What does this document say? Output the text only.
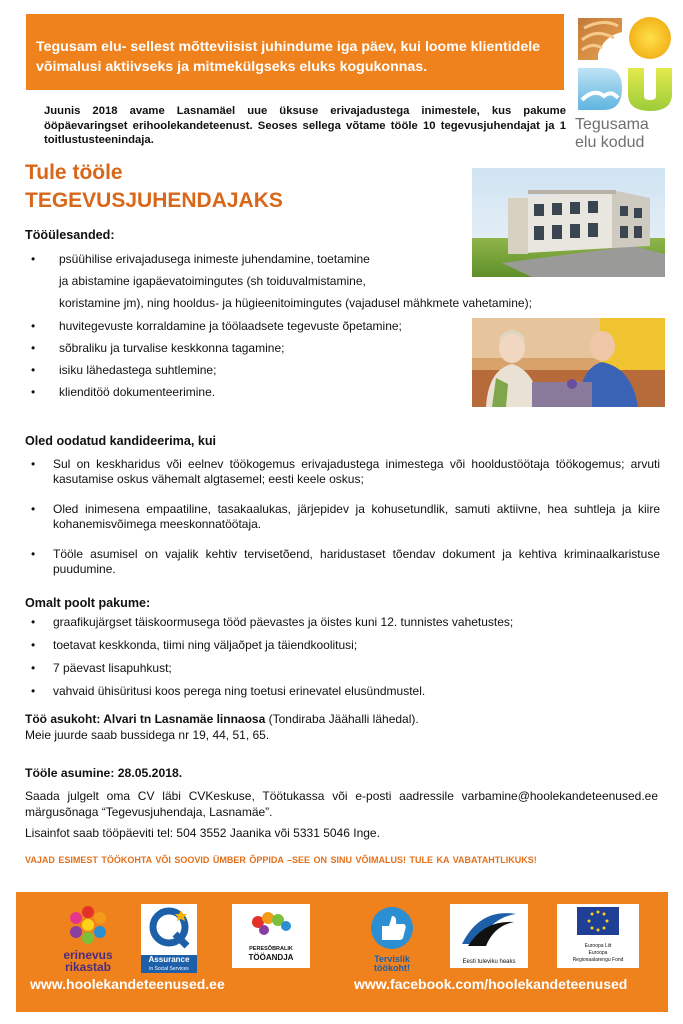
Tegusam elu- sellest mõtteviisist juhindume iga päev, kui loome klientidele võimalusi aktiivseks ja mitmekülgseks eluks kogukonnas.

Tegusama
elu kodud
Juunis 2018 avame Lasnamäel uue üksuse erivajadustega inimestele, kus pakume ööpäevaringset erihoolekandeteenust. Seoses sellega võtame tööle 10 tegevusjuhendajat ja 1 toitlustusteenindaja.
Tule tööle
TEGEVUSJUHENDAJAKS
Tööülesanded:
• psüühilise erivajadusega inimeste juhendamine, toetamine
ja abistamine igapäevatoimingutes (sh toiduvalmistamine,
koristamine jm), ning hooldus- ja hügieenitoimingutes (vajadusel mähkmete vahetamine);
• huvitegevuste korraldamine ja töölaadsete tegevuste õpetamine;
• sõbraliku ja turvalise keskkonna tagamine;
• isiku lähedastega suhtlemine;
• klienditöö dokumenteerimine.
Oled oodatud kandideerima, kui
• Sul on keskharidus või eelnev töökogemus erivajadustega inimestega või hooldustöötaja töökogemus; arvuti kasutamise oskus vähemalt algtasemel; eesti keele oskus;
• Oled inimesena empaatiline, tasakaalukas, järjepidev ja kohusetundlik, samuti aktiivne, hea suhtleja ja kiire kohanemisvõimega meeskonnatöötaja.
• Tööle asumisel on vajalik kehtiv tervisetõend, haridustaset tõendav dokument ja kehtiva kriminaalkaristuse puudumine.
Omalt poolt pakume:
• graafikujärgset täiskoormusega tööd päevastes ja öistes kuni 12. tunnistes vahetustes;
• toetavat keskkonda, tiimi ning väljaõpet ja täiendkoolitusi;
• 7 päevast lisapuhkust;
• vahvaid ühisüritusi koos perega ning toetusi erinevatel elusündmustel.
Töö asukoht: Alvari tn Lasnamäe linnaosa (Tondiraba Jäähalli lähedal).
Meie juurde saab bussidega nr 19, 44, 51, 65.
Tööle asumine: 28.05.2018.
Saada julgelt oma CV läbi CVKeskuse, Töötukassa või e-posti aadressile varbamine@hoolekandeteenused.ee märgusõnaga “Tegevusjuhendaja, Lasnamäe”.
Lisainfot saab tööpäeviti tel: 504 3552 Jaanika või 5331 5046 Inge.
VAJAD ESIMEST TÖÖKOHTA VÕI SOOVID ÜMBER ÕPPIDA –SEE ON SINU VÕIMALUS! TULE KA VABATAHTLIKUKS!
erinevus
rikastab
Assurance
in Social Services
PERESÕBRALIK
TÖÖANDJA	Tervislik
töökoht!
Eesti tuleviku heaks
Euroopa Liit
Euroopa
Regionaalarengu Fond
www.hoolekandeteenused.ee	www.facebook.com/hoolekandeteenused
